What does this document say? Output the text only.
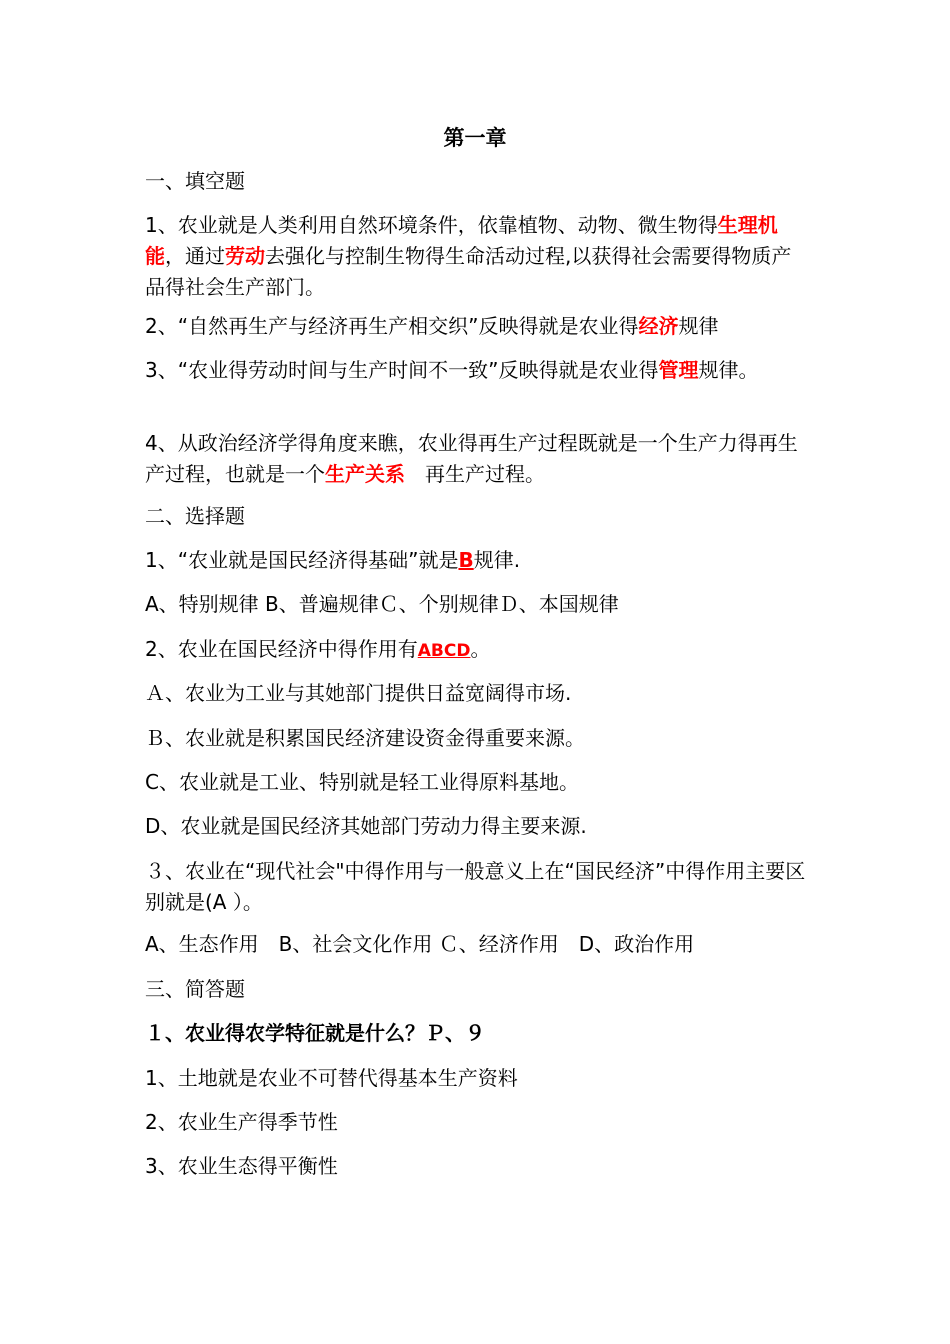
第一章
一、填空题
1、农业就是人类利用自然环境条件，依靠植物、动物、微生物得生理机能，通过劳动去强化与控制生物得生命活动过程,以获得社会需要得物质产品得社会生产部门。
2、“自然再生产与经济再生产相交织”反映得就是农业得经济规律
3、“农业得劳动时间与生产时间不一致”反映得就是农业得管理规律。
4、从政治经济学得角度来瞧，农业得再生产过程既就是一个生产力得再生产过程，也就是一个生产关系　再生产过程。
二、选择题
1、“农业就是国民经济得基础”就是B规律.
A、特别规律 B、普遍规律Ｃ、个别规律Ｄ、本国规律
2、农业在国民经济中得作用有ABCD。
Ａ、农业为工业与其她部门提供日益宽阔得市场.
Ｂ、农业就是积累国民经济建设资金得重要来源。
C、农业就是工业、特别就是轻工业得原料基地。
D、农业就是国民经济其她部门劳动力得主要来源.
３、农业在“现代社会"中得作用与一般意义上在“国民经济”中得作用主要区别就是(A ）。
A、生态作用　B、社会文化作用 Ｃ、经济作用　D、政治作用
三、简答题
１、农业得农学特征就是什么？Ｐ、９
1、土地就是农业不可替代得基本生产资料
2、农业生产得季节性
3、农业生态得平衡性
